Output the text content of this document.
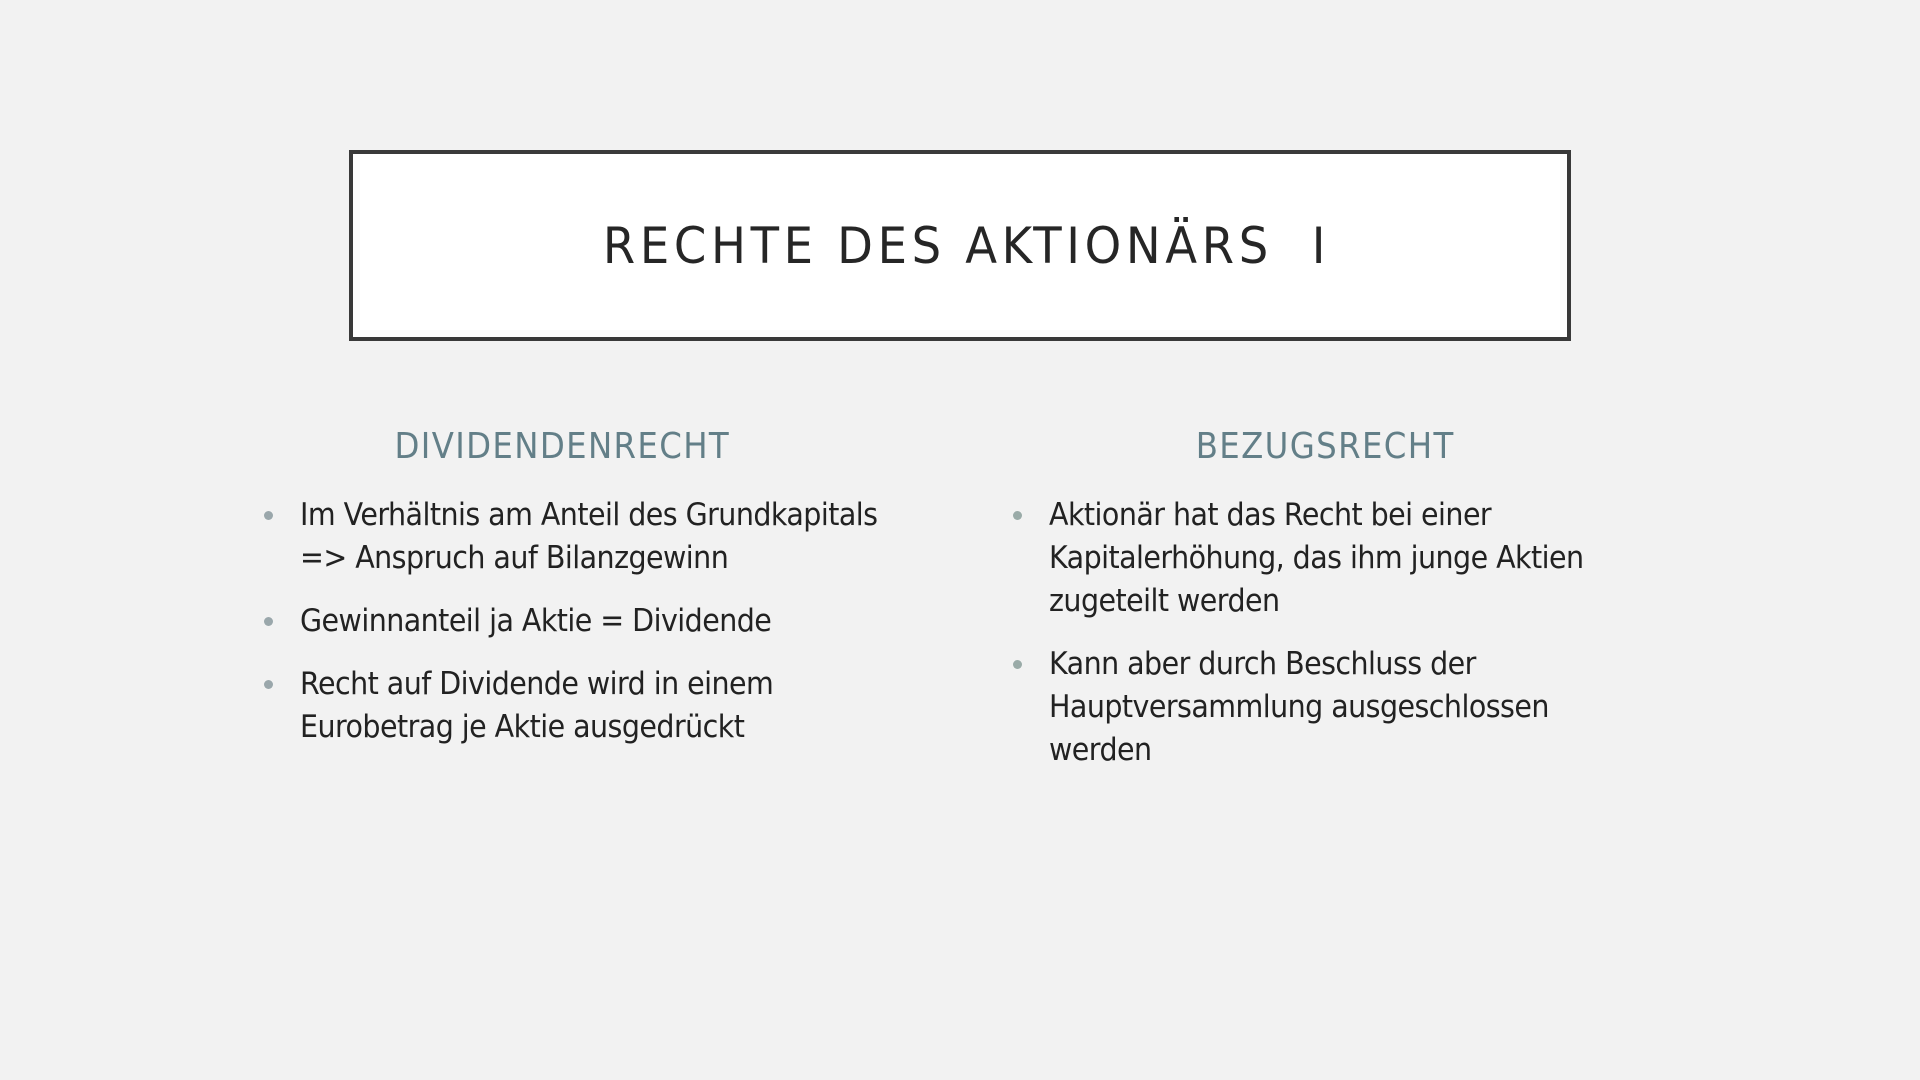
RECHTE DES AKTIONÄRS  I
DIVIDENDENRECHT
Im Verhältnis am Anteil des Grundkapitals
=> Anspruch auf Bilanzgewinn
Gewinnanteil ja Aktie = Dividende
Recht auf Dividende wird in einem
Eurobetrag je Aktie ausgedrückt
BEZUGSRECHT
Aktionär hat das Recht bei einer
Kapitalerhöhung, das ihm junge Aktien
zugeteilt werden
Kann aber durch Beschluss der
Hauptversammlung ausgeschlossen
werden
